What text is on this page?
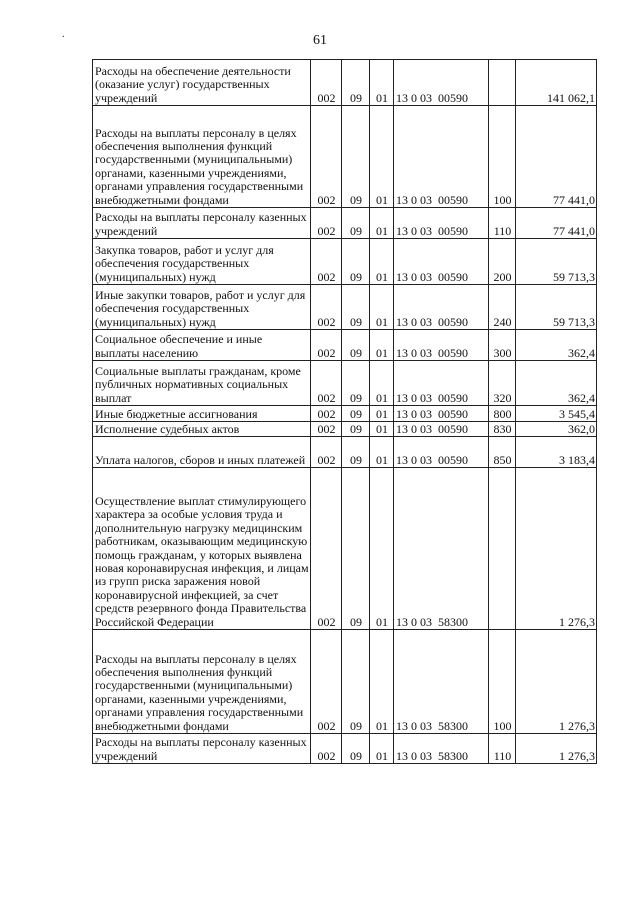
.	61
Расходы на обеспечение деятельности (оказание услуг) государственных учреждений	002	09	01	13 0 03  00590		141 062,1
Расходы на выплаты персоналу в целях обеспечения выполнения функций государственными (муниципальными) органами, казенными учреждениями, органами управления государственными внебюджетными фондами	002	09	01	13 0 03  00590	100	77 441,0
Расходы на выплаты персоналу казенных учреждений	002	09	01	13 0 03  00590	110	77 441,0
Закупка товаров, работ и услуг для обеспечения государственных (муниципальных) нужд	002	09	01	13 0 03  00590	200	59 713,3
Иные закупки товаров, работ и услуг для обеспечения государственных (муниципальных) нужд	002	09	01	13 0 03  00590	240	59 713,3
Социальное обеспечение и иные выплаты населению	002	09	01	13 0 03  00590	300	362,4
Социальные выплаты гражданам, кроме публичных нормативных социальных выплат	002	09	01	13 0 03  00590	320	362,4
Иные бюджетные ассигнования	002	09	01	13 0 03  00590	800	3 545,4
Исполнение судебных актов	002	09	01	13 0 03  00590	830	362,0
Уплата налогов, сборов и иных платежей	002	09	01	13 0 03  00590	850	3 183,4
Осуществление выплат стимулирующего характера за особые условия труда и дополнительную нагрузку медицинским работникам, оказывающим медицинскую помощь гражданам, у которых выявлена новая коронавирусная инфекция, и лицам из групп риска заражения новой коронавирусной инфекцией, за счет средств резервного фонда Правительства Российской Федерации	002	09	01	13 0 03  58300		1 276,3
Расходы на выплаты персоналу в целях обеспечения выполнения функций государственными (муниципальными) органами, казенными учреждениями, органами управления государственными внебюджетными фондами	002	09	01	13 0 03  58300	100	1 276,3
Расходы на выплаты персоналу казенных учреждений	002	09	01	13 0 03  58300	110	1 276,3
